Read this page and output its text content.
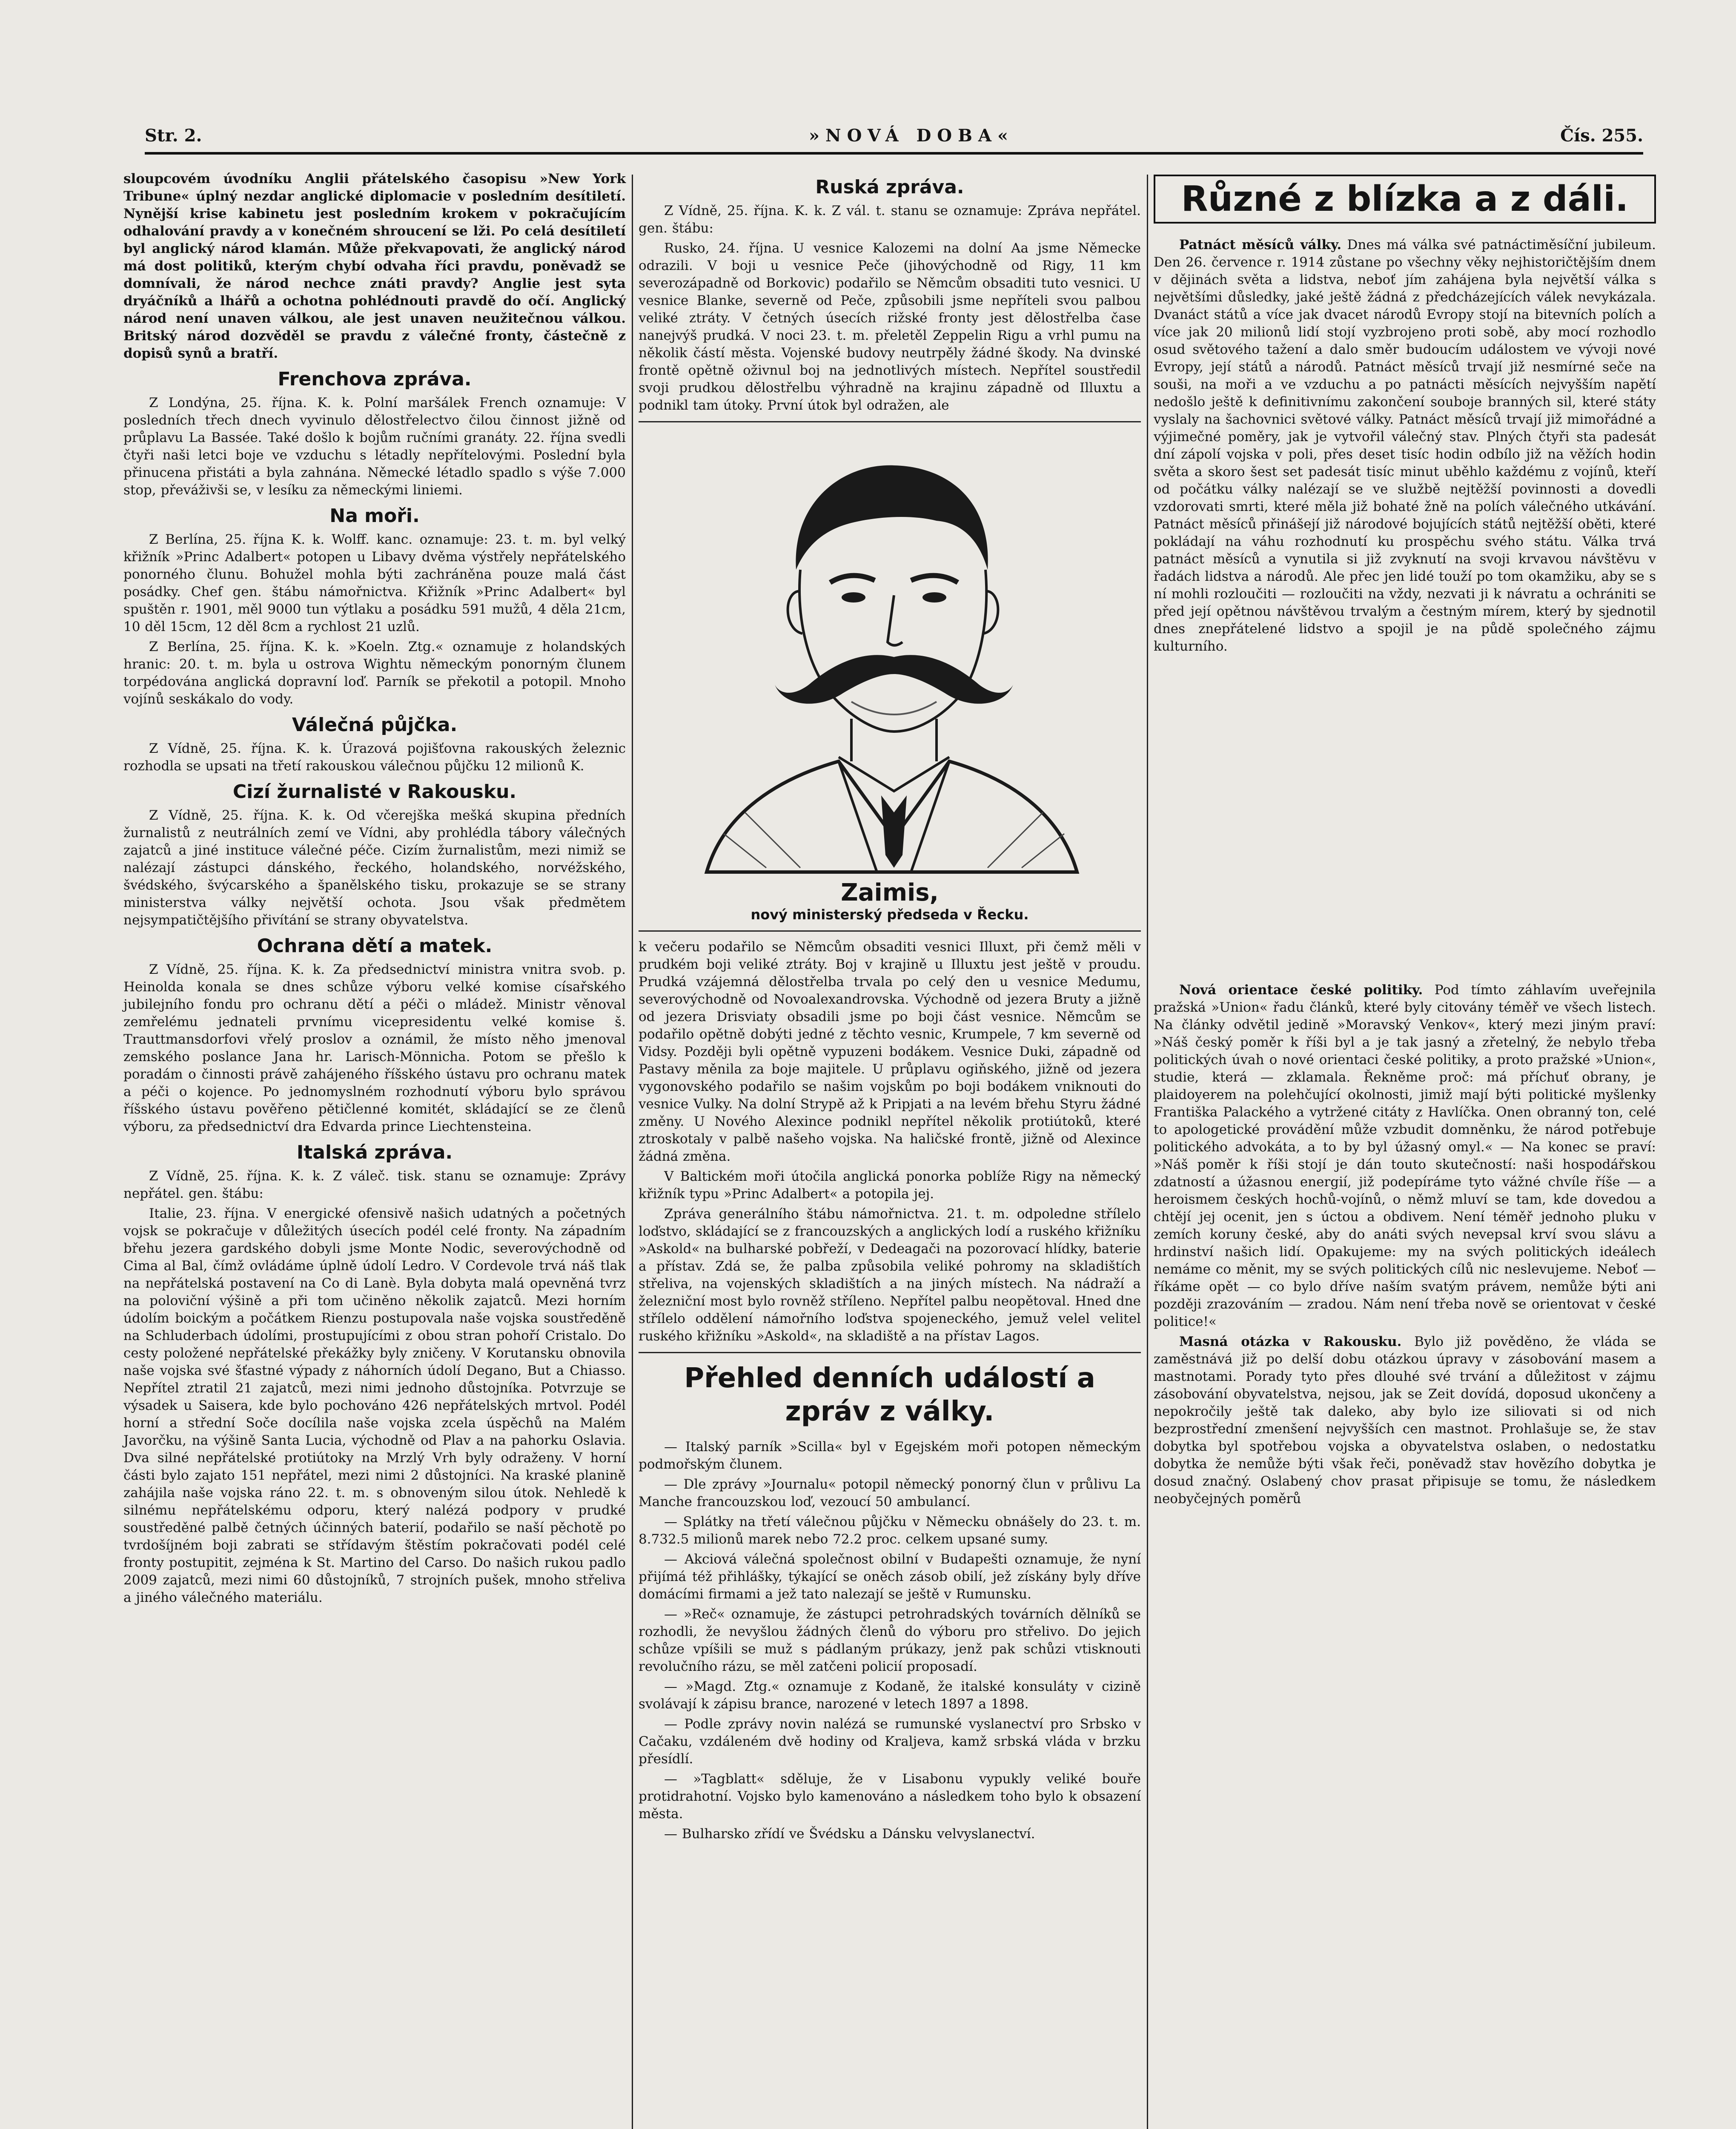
Str. 2.	»NOVÁ DOBA«	Čís. 255.

sloupcovém úvodníku Anglii přátelského časopisu »New York Tribune« úplný nezdar anglické diplomacie v posledním desítiletí. Nynější krise kabinetu jest posledním krokem v pokračujícím odhalování pravdy a v konečném shroucení se lži. Po celá desítiletí byl anglický národ klamán. Může překvapovati, že anglický národ má dost politiků, kterým chybí odvaha říci pravdu, poněvadž se domnívali, že národ nechce znáti pravdy? Anglie jest syta dryáčníků a lhářů a ochotna pohlédnouti pravdě do očí. Anglický národ není unaven válkou, ale jest unaven neužitečnou válkou. Britský národ dozvěděl se pravdu z válečné fronty, částečně z dopisů synů a bratří.

Frenchova zpráva.

Z Londýna, 25. října. K. k. Polní maršálek French oznamuje: V posledních třech dnech vyvinulo dělostřelectvo čilou činnost jižně od průplavu La Bassée. Také došlo k bojům ručními granáty. 22. října svedli čtyři naši letci boje ve vzduchu s létadly nepřítelovými. Poslední byla přinucena přistáti a byla zahnána. Německé létadlo spadlo s výše 7.000 stop, převáživši se, v lesíku za německými liniemi.

Na moři.

Z Berlína, 25. října K. k. Wolff. kanc. oznamuje: 23. t. m. byl velký křižník »Princ Adalbert« potopen u Libavy dvěma výstřely nepřátelského ponorného člunu. Bohužel mohla býti zachráněna pouze malá část posádky. Chef gen. štábu námořnictva. Křižník »Princ Adalbert« byl spuštěn r. 1901, měl 9000 tun výtlaku a posádku 591 mužů, 4 děla 21cm, 10 děl 15cm, 12 děl 8cm a rychlost 21 uzlů.

Z Berlína, 25. října. K. k. »Koeln. Ztg.« oznamuje z holandských hranic: 20. t. m. byla u ostrova Wightu německým ponorným člunem torpédována anglická dopravní loď. Parník se překotil a potopil. Mnoho vojínů seskákalo do vody.

Válečná půjčka.

Z Vídně, 25. října. K. k. Úrazová pojišťovna rakouských železnic rozhodla se upsati na třetí rakouskou válečnou půjčku 12 milionů K.

Cizí žurnalisté v Rakousku.

Z Vídně, 25. října. K. k. Od včerejška mešká skupina předních žurnalistů z neutrálních zemí ve Vídni, aby prohlédla tábory válečných zajatců a jiné instituce válečné péče. Cizím žurnalistům, mezi nimiž se nalézají zástupci dánského, řeckého, holandského, norvéžského, švédského, švýcarského a španělského tisku, prokazuje se se strany ministerstva války největší ochota. Jsou však předmětem nejsympatičtějšího přivítání se strany obyvatelstva.

Ochrana dětí a matek.

Z Vídně, 25. října. K. k. Za předsednictví ministra vnitra svob. p. Heinolda konala se dnes schůze výboru velké komise císařského jubilejního fondu pro ochranu dětí a péči o mládež. Ministr věnoval zemřelému jednateli prvnímu vicepresidentu velké komise š. Trauttmansdorfovi vřelý proslov a oznámil, že místo něho jmenoval zemského poslance Jana hr. Larisch-Mönnicha. Potom se přešlo k poradám o činnosti právě zahájeného říšského ústavu pro ochranu matek a péči o kojence. Po jednomyslném rozhodnutí výboru bylo správou říšského ústavu pověřeno pětičlenné komitét, skládající se ze členů výboru, za předsednictví dra Edvarda prince Liechtensteina.

Italská zpráva.

Z Vídně, 25. října. K. k. Z váleč. tisk. stanu se oznamuje: Zprávy nepřátel. gen. štábu:

Italie, 23. října. V energické ofensivě našich udatných a početných vojsk se pokračuje v důležitých úsecích podél celé fronty. Na západním břehu jezera gardského dobyli jsme Monte Nodic, severovýchodně od Cima al Bal, čímž ovládáme úplně údolí Ledro. V Cordevole trvá náš tlak na nepřátelská postavení na Co di Lanè. Byla dobyta malá opevněná tvrz na poloviční výšině a při tom učiněno několik zajatců. Mezi horním údolím boickým a počátkem Rienzu postupovala naše vojska soustředěně na Schluderbach údolími, prostupujícími z obou stran pohoří Cristalo. Do cesty položené nepřátelské překážky byly zničeny. V Korutansku obnovila naše vojska své šťastné výpady z náhorních údolí Degano, But a Chiasso. Nepřítel ztratil 21 zajatců, mezi nimi jednoho důstojníka. Potvrzuje se výsadek u Saisera, kde bylo pochováno 426 nepřátelských mrtvol. Podél horní a střední Soče docílila naše vojska zcela úspěchů na Malém Javorčku, na výšině Santa Lucia, východně od Plav a na pahorku Oslavia. Dva silné nepřátelské protiútoky na Mrzlý Vrh byly odraženy. V horní části bylo zajato 151 nepřátel, mezi nimi 2 důstojníci. Na kraské planině zahájila naše vojska ráno 22. t. m. s obnoveným silou útok. Nehledě k silnému nepřátelskému odporu, který nalézá podpory v prudké soustředěné palbě četných účinných baterií, podařilo se naší pěchotě po tvrdošíjném boji zabrati se střídavým štěstím pokračovati podél celé fronty postupitit, zejména k St. Martino del Carso. Do našich rukou padlo 2009 zajatců, mezi nimi 60 důstojníků, 7 strojních pušek, mnoho střeliva a jiného válečného materiálu.

Ruská zpráva.

Z Vídně, 25. října. K. k. Z vál. t. stanu se oznamuje: Zpráva nepřátel. gen. štábu:

Rusko, 24. října. U vesnice Kalozemi na dolní Aa jsme Německe odrazili. V boji u vesnice Peče (jihovýchodně od Rigy, 11 km severozápadně od Borkovic) podařilo se Němcům obsaditi tuto vesnici. U vesnice Blanke, severně od Peče, způsobili jsme nepříteli svou palbou veliké ztráty. V četných úsecích rižské fronty jest dělostřelba čase nanejvýš prudká. V noci 23. t. m. přeletěl Zeppelin Rigu a vrhl pumu na několik částí města. Vojenské budovy neutrpěly žádné škody. Na dvinské frontě opětně oživnul boj na jednotlivých místech. Nepřítel soustředil svoji prudkou dělostřelbu výhradně na krajinu západně od Illuxtu a podnikl tam útoky. První útok byl odražen, ale

Zaimis,
nový ministerský předseda v Řecku.

k večeru podařilo se Němcům obsaditi vesnici Illuxt, při čemž měli v prudkém boji veliké ztráty. Boj v krajině u Illuxtu jest ještě v proudu. Prudká vzájemná dělostřelba trvala po celý den u vesnice Medumu, severovýchodně od Novoalexandrovska. Východně od jezera Bruty a jižně od jezera Drisviaty obsadili jsme po boji část vesnice. Němcům se podařilo opětně dobýti jedné z těchto vesnic, Krumpele, 7 km severně od Vidsy. Později byli opětně vypuzeni bodákem. Vesnice Duki, západně od Pastavy měnila za boje majitele. U průplavu ogiňského, jižně od jezera vygonovského podařilo se našim vojskům po boji bodákem vniknouti do vesnice Vulky. Na dolní Strypě až k Pripjati a na levém břehu Styru žádné změny. U Nového Alexince podnikl nepřítel několik protiútoků, které ztroskotaly v palbě našeho vojska. Na haličské frontě, jižně od Alexince žádná změna.

V Baltickém moři útočila anglická ponorka poblíže Rigy na německý křižník typu »Princ Adalbert« a potopila jej.

Zpráva generálního štábu námořnictva. 21. t. m. odpoledne střílelo loďstvo, skládající se z francouzských a anglických lodí a ruského křižníku »Askold« na bulharské pobřeží, v Dedeagači na pozorovací hlídky, baterie a přístav. Zdá se, že palba způsobila veliké pohromy na skladištích střeliva, na vojenských skladištích a na jiných místech. Na nádraží a železniční most bylo rovněž stříleno. Nepřítel palbu neopětoval. Hned dne střílelo oddělení námořního loďstva spojeneckého, jemuž velel velitel ruského křižníku »Askold«, na skladiště a na přístav Lagos.

Přehled denních událostí a zpráv z války.

— Italský parník »Scilla« byl v Egejském moři potopen německým podmořským člunem.

— Dle zprávy »Journalu« potopil německý ponorný člun v průlivu La Manche francouzskou loď, vezoucí 50 ambulancí.

— Splátky na třetí válečnou půjčku v Německu obnášely do 23. t. m. 8.732.5 milionů marek nebo 72.2 proc. celkem upsané sumy.

— Akciová válečná společnost obilní v Budapešti oznamuje, že nyní přijímá též přihlášky, týkající se oněch zásob obilí, jež získány byly dříve domácími firmami a jež tato nalezají se ještě v Rumunsku.

— »Reč« oznamuje, že zástupci petrohradských továrních dělníků se rozhodli, že nevyšlou žádných členů do výboru pro střelivo. Do jejich schůze vpíšili se muž s pádlaným prúkazy, jenž pak schůzi vtisknouti revolučního rázu, se měl zatčeni policií proposadí.

— »Magd. Ztg.« oznamuje z Kodaně, že italské konsuláty v cizině svolávají k zápisu brance, narozené v letech 1897 a 1898.

— Podle zprávy novin nalézá se rumunské vyslanectví pro Srbsko v Cačaku, vzdáleném dvě hodiny od Kraljeva, kamž srbská vláda v brzku přesídlí.

— »Tagblatt« sděluje, že v Lisabonu vypukly veliké bouře protidrahotní. Vojsko bylo kamenováno a následkem toho bylo k obsazení města.

— Bulharsko zřídí ve Švédsku a Dánsku velvyslanectví.

Různé z blízka a z dáli.

Patnáct měsíců války. Dnes má válka své patnáctiměsíční jubileum. Den 26. července r. 1914 zůstane po všechny věky nejhistoričtějším dnem v dějinách světa a lidstva, neboť jím zahájena byla největší válka s největšími důsledky, jaké ještě žádná z předcházejících válek nevykázala. Dvanáct států a více jak dvacet národů Evropy stojí na bitevních polích a více jak 20 milionů lidí stojí vyzbrojeno proti sobě, aby mocí rozhodlo osud světového tažení a dalo směr budoucím událostem ve vývoji nové Evropy, její států a národů. Patnáct měsíců trvají již nesmírné seče na souši, na moři a ve vzduchu a po patnácti měsících nejvyšším napětí nedošlo ještě k definitivnímu zakončení souboje branných sil, které státy vyslaly na šachovnici světové války. Patnáct měsíců trvají již mimořádné a výjimečné poměry, jak je vytvořil válečný stav. Plných čtyři sta padesát dní zápolí vojska v poli, přes deset tisíc hodin odbílo již na věžích hodin světa a skoro šest set padesát tisíc minut uběhlo každému z vojínů, kteří od počátku války nalézají se ve službě nejtěžší povinnosti a dovedli vzdorovati smrti, které měla již bohaté žně na polích válečného utkávání. Patnáct měsíců přinášejí již národové bojujících států nejtěžší oběti, které pokládají na váhu rozhodnutí ku prospěchu svého státu. Válka trvá patnáct měsíců a vynutila si již zvyknutí na svoji krvavou návštěvu v řadách lidstva a národů. Ale přec jen lidé touží po tom okamžiku, aby se s ní mohli rozloučiti — rozloučiti na vždy, nezvati ji k návratu a ochrániti se před její opětnou návštěvou trvalým a čestným mírem, který by sjednotil dnes znepřátelené lidstvo a spojil je na půdě společného zájmu kulturního.

Nová orientace české politiky. Pod tímto záhlavím uveřejnila pražská »Union« řadu článků, které byly citovány téměř ve všech listech. Na články odvětil jedině »Moravský Venkov«, který mezi jiným praví: »Náš český poměr k říši byl a je tak jasný a zřetelný, že nebylo třeba politických úvah o nové orientaci české politiky, a proto pražské »Union«, studie, která — zklamala. Řekněme proč: má příchuť obrany, je plaidoyerem na polehčující okolnosti, jimiž mají býti politické myšlenky Františka Palackého a vytržené citáty z Havlíčka. Onen obranný ton, celé to apologetické provádění může vzbudit domněnku, že národ potřebuje politického advokáta, a to by byl úžasný omyl.« — Na konec se praví: »Náš poměr k říši stojí je dán touto skutečností: naši hospodářskou zdatností a úžasnou energií, již podepíráme tyto vážné chvíle říše — a heroismem českých hochů-vojínů, o němž mluví se tam, kde dovedou a chtějí jej ocenit, jen s úctou a obdivem. Není téměř jednoho pluku v zemích koruny české, aby do anáti svých nevepsal krví svou slávu a hrdinství našich lidí. Opakujeme: my na svých politických ideálech nemáme co měnit, my se svých politických cílů nic neslevujeme. Neboť — říkáme opět — co bylo dříve naším svatým právem, nemůže býti ani později zrazováním — zradou. Nám není třeba nově se orientovat v české politice!«

Masná otázka v Rakousku. Bylo již pověděno, že vláda se zaměstnává již po delší dobu otázkou úpravy v zásobování masem a mastnotami. Porady tyto přes dlouhé své trvání a důležitost v zájmu zásobování obyvatelstva, nejsou, jak se Zeit dovídá, doposud ukončeny a nepokročily ještě tak daleko, aby bylo ize siliovati si od nich bezprostřední zmenšení nejvyšších cen mastnot. Prohlašuje se, že stav dobytka byl spotřebou vojska a obyvatelstva oslaben, o nedostatku dobytka že nemůže býti však řeči, poněvadž stav hovězího dobytka je dosud značný. Oslabený chov prasat připisuje se tomu, že následkem neobyčejných poměrů
